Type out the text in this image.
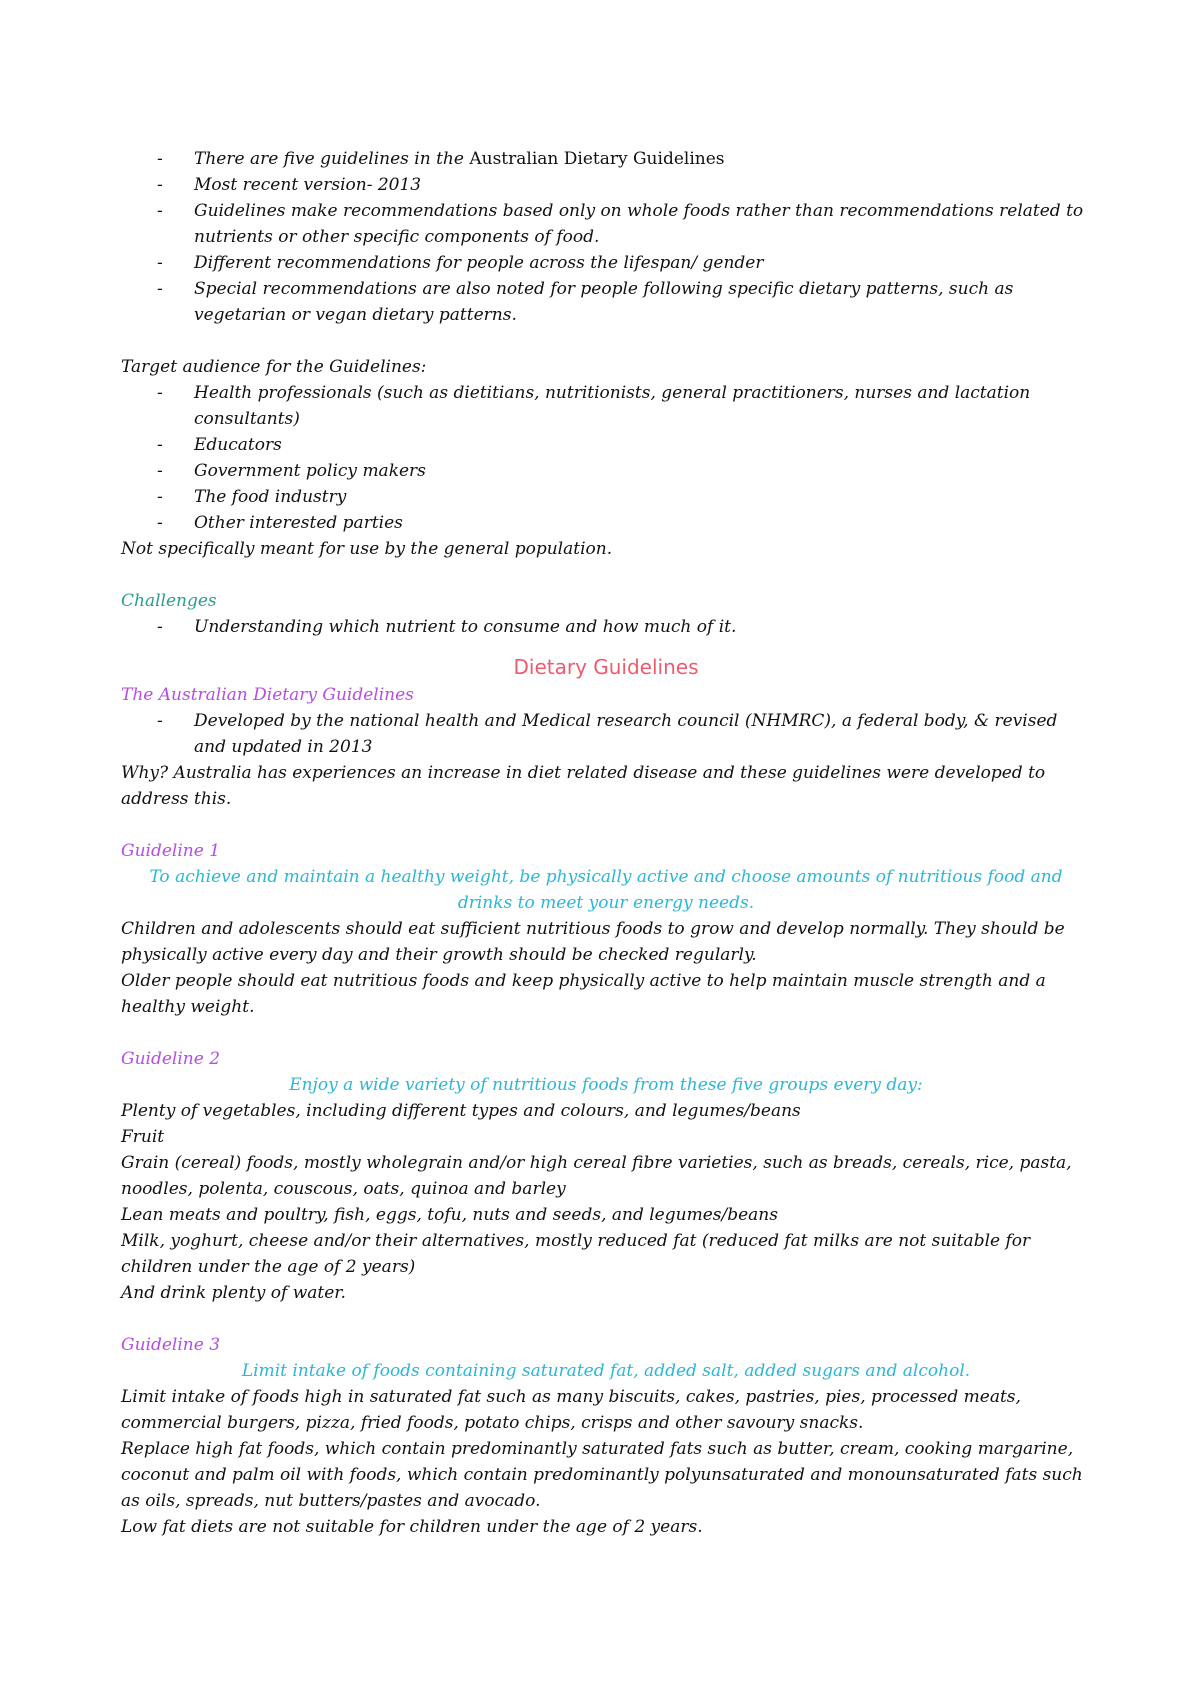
- There are five guidelines in the Australian Dietary Guidelines
- Most recent version- 2013
- Guidelines make recommendations based only on whole foods rather than recommendations related to nutrients or other specific components of food.
- Different recommendations for people across the lifespan/ gender
- Special recommendations are also noted for people following specific dietary patterns, such as vegetarian or vegan dietary patterns.
Target audience for the Guidelines:
- Health professionals (such as dietitians, nutritionists, general practitioners, nurses and lactation consultants)
- Educators
- Government policy makers
- The food industry
- Other interested parties
Not specifically meant for use by the general population.
Challenges
- Understanding which nutrient to consume and how much of it.
Dietary Guidelines
The Australian Dietary Guidelines
- Developed by the national health and Medical research council (NHMRC), a federal body, & revised and updated in 2013
Why? Australia has experiences an increase in diet related disease and these guidelines were developed to address this.
Guideline 1
To achieve and maintain a healthy weight, be physically active and choose amounts of nutritious food and drinks to meet your energy needs.
Children and adolescents should eat sufficient nutritious foods to grow and develop normally. They should be physically active every day and their growth should be checked regularly.
Older people should eat nutritious foods and keep physically active to help maintain muscle strength and a healthy weight.
Guideline 2
Enjoy a wide variety of nutritious foods from these five groups every day:
Plenty of vegetables, including different types and colours, and legumes/beans
Fruit
Grain (cereal) foods, mostly wholegrain and/or high cereal fibre varieties, such as breads, cereals, rice, pasta, noodles, polenta, couscous, oats, quinoa and barley
Lean meats and poultry, fish, eggs, tofu, nuts and seeds, and legumes/beans
Milk, yoghurt, cheese and/or their alternatives, mostly reduced fat (reduced fat milks are not suitable for children under the age of 2 years)
And drink plenty of water.
Guideline 3
Limit intake of foods containing saturated fat, added salt, added sugars and alcohol.
Limit intake of foods high in saturated fat such as many biscuits, cakes, pastries, pies, processed meats, commercial burgers, pizza, fried foods, potato chips, crisps and other savoury snacks.
Replace high fat foods, which contain predominantly saturated fats such as butter, cream, cooking margarine, coconut and palm oil with foods, which contain predominantly polyunsaturated and monounsaturated fats such as oils, spreads, nut butters/pastes and avocado.
Low fat diets are not suitable for children under the age of 2 years.
